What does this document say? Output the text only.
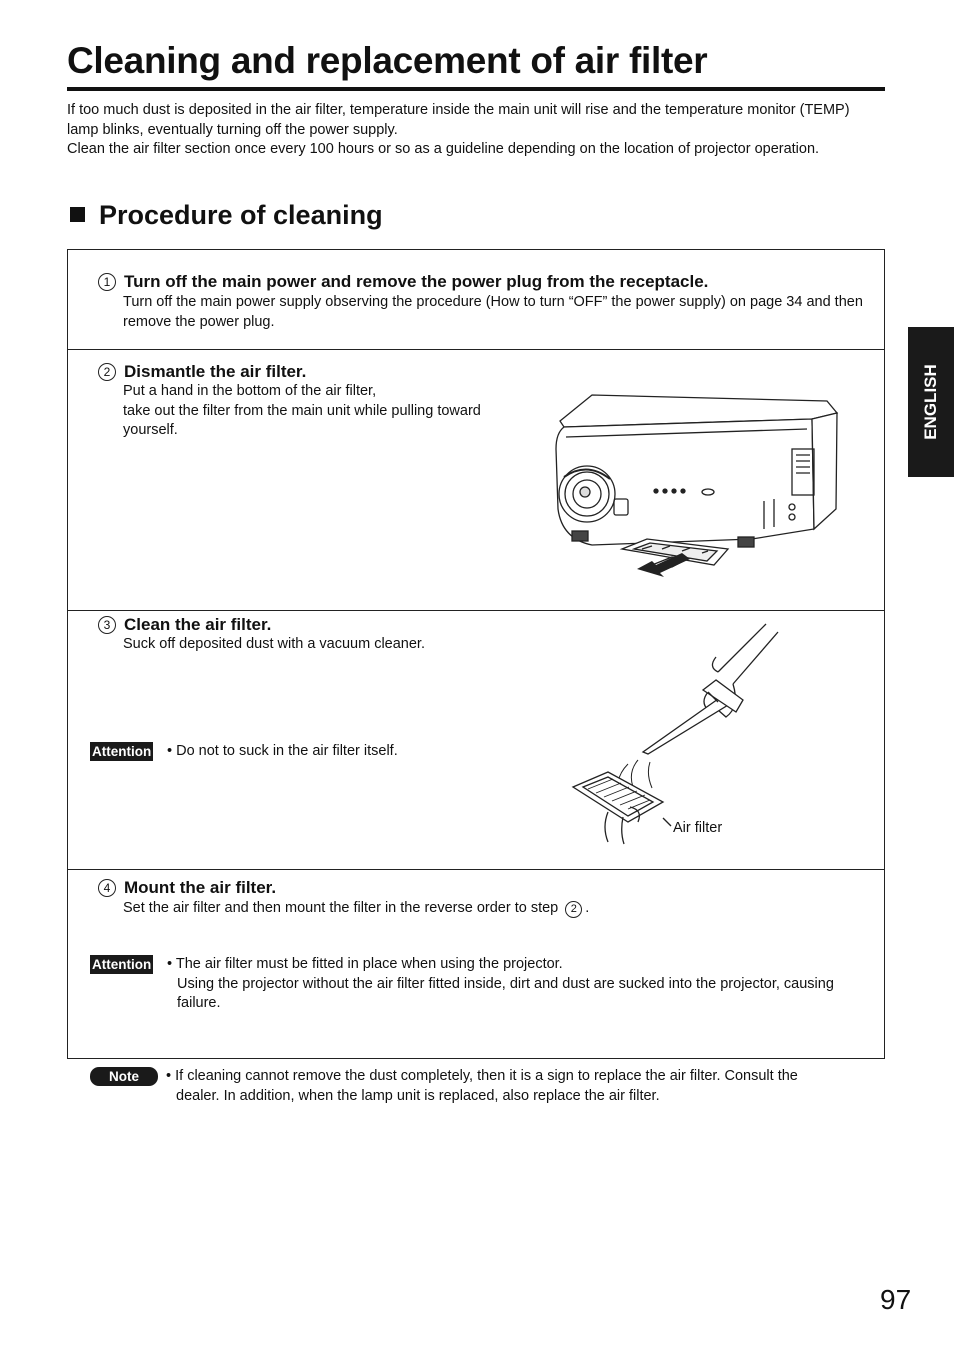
Cleaning and replacement of air filter

If too much dust is deposited in the air filter, temperature inside the main unit will rise and the temperature monitor (TEMP) lamp blinks, eventually turning off the power supply.

Clean the air filter section once every 100 hours or so as a guideline depending on the location of projector operation.

Procedure of cleaning
1 Turn off the main power and remove the power plug from the receptacle.

Turn off the main power supply observing the procedure (How to turn “OFF” the power supply) on page 34 and then remove the power plug.

2 Dismantle the air filter.

Put a hand in the bottom of the air filter,

take out the filter from the main unit while pulling toward yourself.

3 Clean the air filter.

Suck off deposited dust with a vacuum cleaner.

Attention • Do not to suck in the air filter itself.
Air filter
4 Mount the air filter.

Set the air filter and then mount the filter in the reverse order to step 2 .

Attention • The air filter must be fitted in place when using the projector.

Using the projector without the air filter fitted inside, dirt and dust are sucked into the projector, causing failure.

Note	• If cleaning cannot remove the dust completely, then it is a sign to replace the air filter. Consult the

dealer. In addition, when the lamp unit is replaced, also replace the air filter.

ENGLISH
97
